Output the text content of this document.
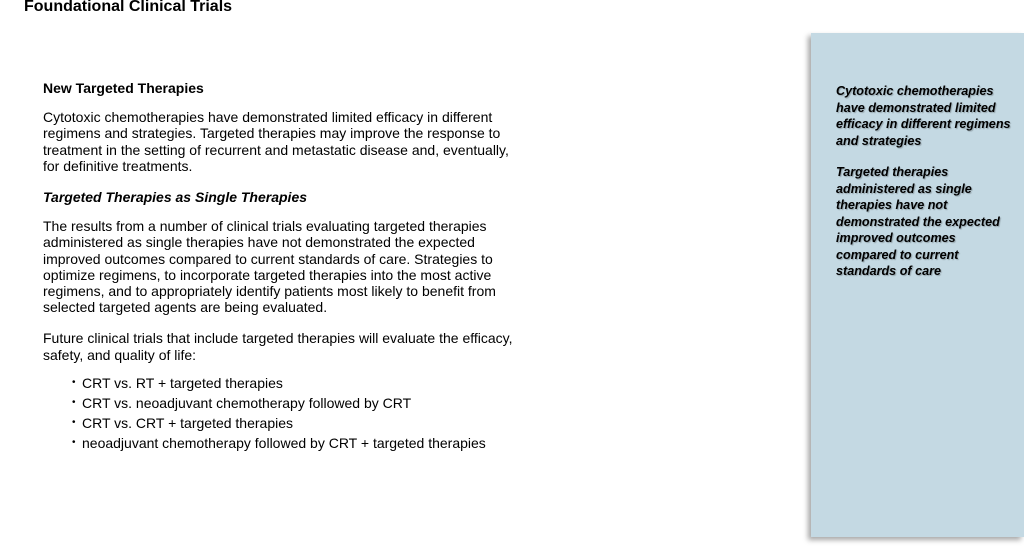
Foundational Clinical Trials

New Targeted Therapies

Cytotoxic chemotherapies have demonstrated limited efficacy in different regimens and strategies. Targeted therapies may improve the response to treatment in the setting of recurrent and metastatic disease and, eventually, for definitive treatments.

Targeted Therapies as Single Therapies

The results from a number of clinical trials evaluating targeted therapies administered as single therapies have not demonstrated the expected improved outcomes compared to current standards of care. Strategies to optimize regimens, to incorporate targeted therapies into the most active regimens, and to appropriately identify patients most likely to benefit from selected targeted agents are being evaluated.

Future clinical trials that include targeted therapies will evaluate the efficacy, safety, and quality of life:

• CRT vs. RT + targeted therapies
• CRT vs. neoadjuvant chemotherapy followed by CRT
• CRT vs. CRT + targeted therapies
• neoadjuvant chemotherapy followed by CRT + targeted therapies

Cytotoxic chemotherapies have demonstrated limited efficacy in different regimens and strategies

Targeted therapies administered as single therapies have not demonstrated the expected improved outcomes compared to current standards of care
